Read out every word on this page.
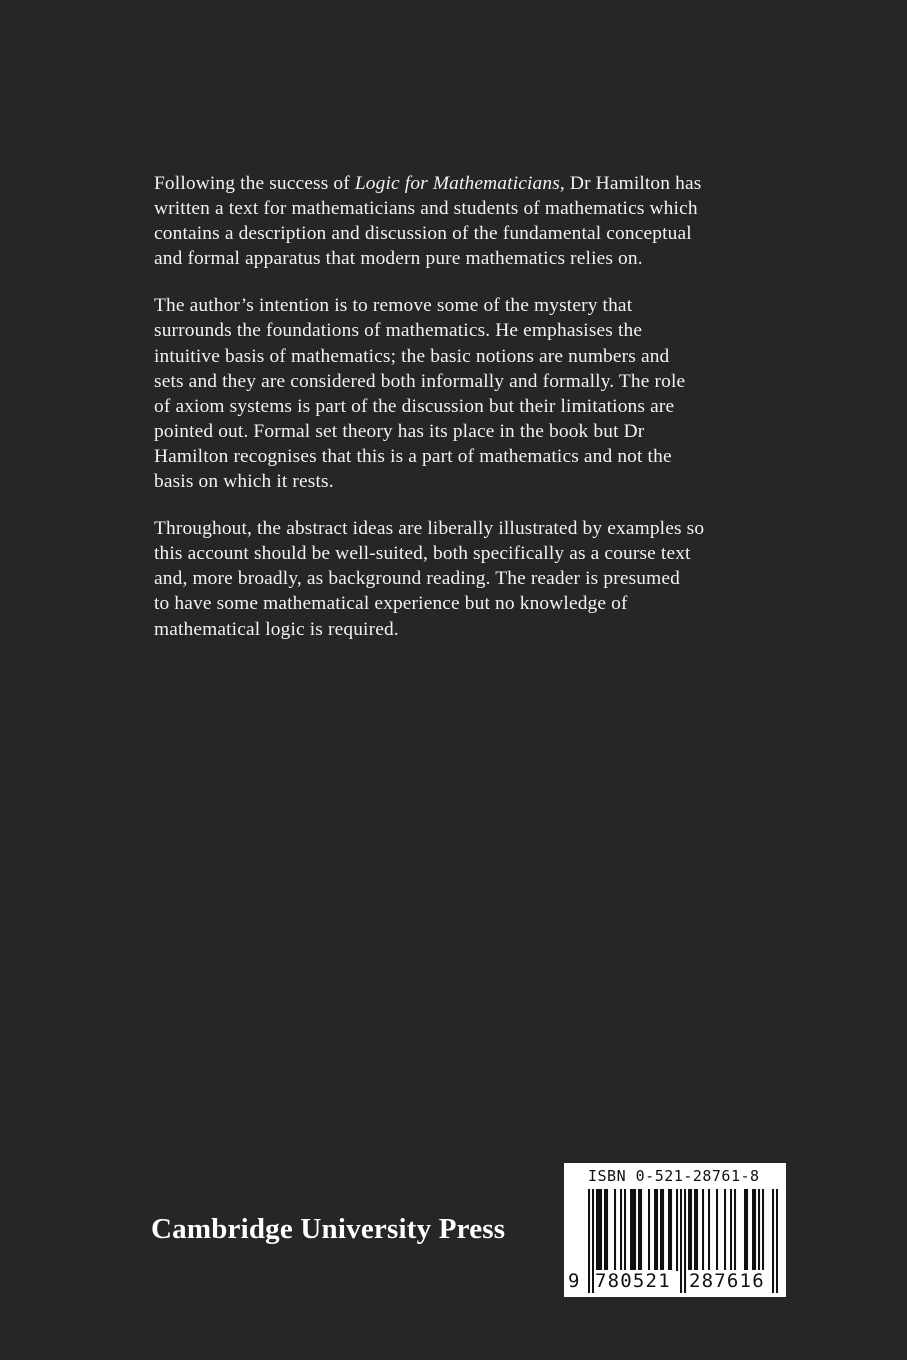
Following the success of Logic for Mathematicians, Dr Hamilton has
written a text for mathematicians and students of mathematics which
contains a description and discussion of the fundamental conceptual
and formal apparatus that modern pure mathematics relies on.

The author’s intention is to remove some of the mystery that
surrounds the foundations of mathematics. He emphasises the
intuitive basis of mathematics; the basic notions are numbers and
sets and they are considered both informally and formally. The role
of axiom systems is part of the discussion but their limitations are
pointed out. Formal set theory has its place in the book but Dr
Hamilton recognises that this is a part of mathematics and not the
basis on which it rests.

Throughout, the abstract ideas are liberally illustrated by examples so
this account should be well-suited, both specifically as a course text
and, more broadly, as background reading. The reader is presumed
to have some mathematical experience but no knowledge of
mathematical logic is required.

Cambridge University Press
ISBN 0-521-28761-8
9 780521 287616
